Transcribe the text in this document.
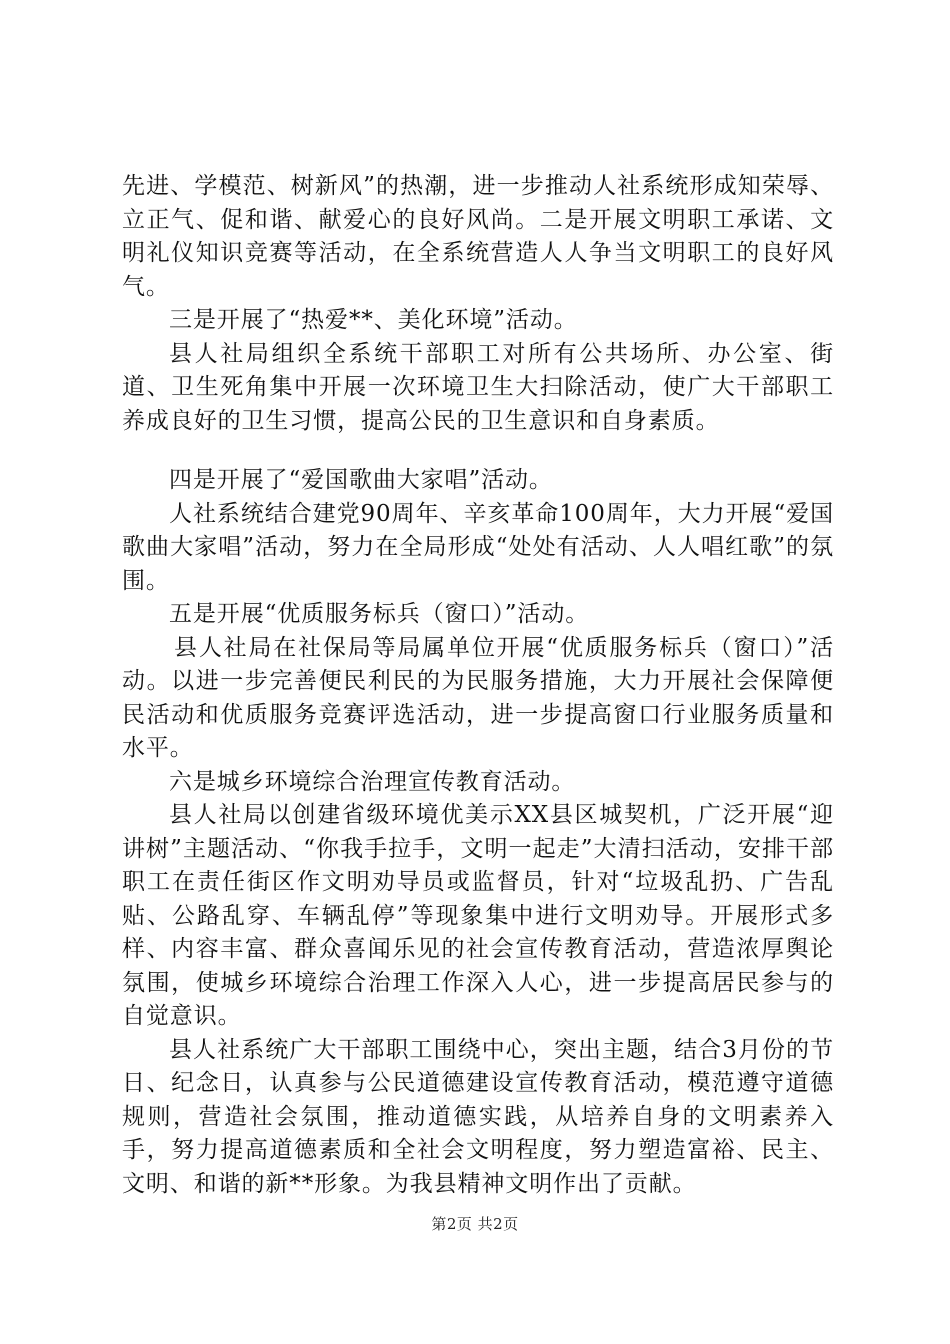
先进、学模范、树新风”的热潮，进一步推动人社系统形成知荣辱、立正气、促和谐、献爱心的良好风尚。二是开展文明职工承诺、文明礼仪知识竞赛等活动，在全系统营造人人争当文明职工的良好风气。

三是开展了“热爱**、美化环境”活动。

县人社局组织全系统干部职工对所有公共场所、办公室、街道、卫生死角集中开展一次环境卫生大扫除活动，使广大干部职工养成良好的卫生习惯，提高公民的卫生意识和自身素质。

四是开展了“爱国歌曲大家唱”活动。

人社系统结合建党90周年、辛亥革命100周年，大力开展“爱国歌曲大家唱”活动，努力在全局形成“处处有活动、人人唱红歌”的氛围。

五是开展“优质服务标兵（窗口）”活动。

县人社局在社保局等局属单位开展“优质服务标兵（窗口）”活动。以进一步完善便民利民的为民服务措施，大力开展社会保障便民活动和优质服务竞赛评选活动，进一步提高窗口行业服务质量和水平。

六是城乡环境综合治理宣传教育活动。

县人社局以创建省级环境优美示XX县区城契机，广泛开展“迎讲树”主题活动、“你我手拉手，文明一起走”大清扫活动，安排干部职工在责任街区作文明劝导员或监督员，针对“垃圾乱扔、广告乱贴、公路乱穿、车辆乱停”等现象集中进行文明劝导。开展形式多样、内容丰富、群众喜闻乐见的社会宣传教育活动，营造浓厚舆论氛围，使城乡环境综合治理工作深入人心，进一步提高居民参与的自觉意识。

县人社系统广大干部职工围绕中心，突出主题，结合3月份的节日、纪念日，认真参与公民道德建设宣传教育活动，模范遵守道德规则，营造社会氛围，推动道德实践，从培养自身的文明素养入手，努力提高道德素质和全社会文明程度，努力塑造富裕、民主、文明、和谐的新**形象。为我县精神文明作出了贡献。

第2页 共2页
